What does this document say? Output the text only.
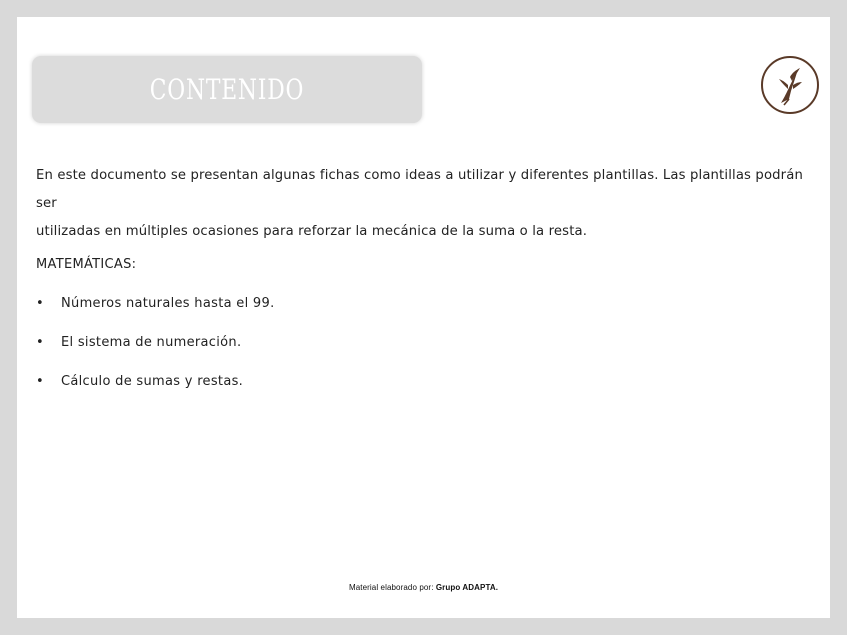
CONTENIDO

En este documento se presentan algunas fichas como ideas a utilizar y diferentes plantillas. Las plantillas podrán ser
utilizadas en múltiples ocasiones para reforzar la mecánica de la suma o la resta.

MATEMÁTICAS:

• Números naturales hasta el 99.
• El sistema de numeración.
• Cálculo de sumas y restas.
Material elaborado por: Grupo ADAPTA.
